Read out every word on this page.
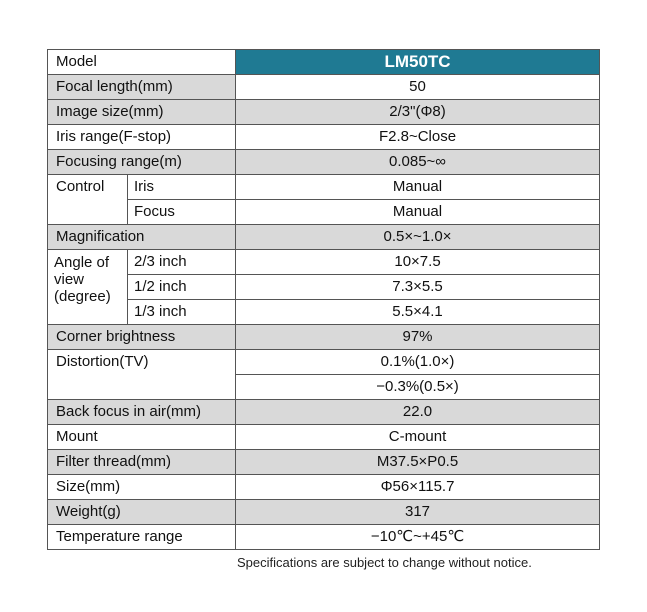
Model		LM50TC
Focal length(mm)		50
Image size(mm)		2/3"(Φ8)
Iris range(F-stop)		F2.8~Close
Focusing range(m)		0.085~∞
Control	Iris	Manual
	Focus	Manual
Magnification		0.5×~1.0×
Angle of view (degree)	2/3 inch	10×7.5
	1/2 inch	7.3×5.5
	1/3 inch	5.5×4.1
Corner brightness		97%
Distortion(TV)		0.1%(1.0×)
		−0.3%(0.5×)
Back focus in air(mm)		22.0
Mount		C-mount
Filter thread(mm)		M37.5×P0.5
Size(mm)		Φ56×115.7
Weight(g)		317
Temperature range		−10℃~+45℃
Specifications are subject to change without notice.
